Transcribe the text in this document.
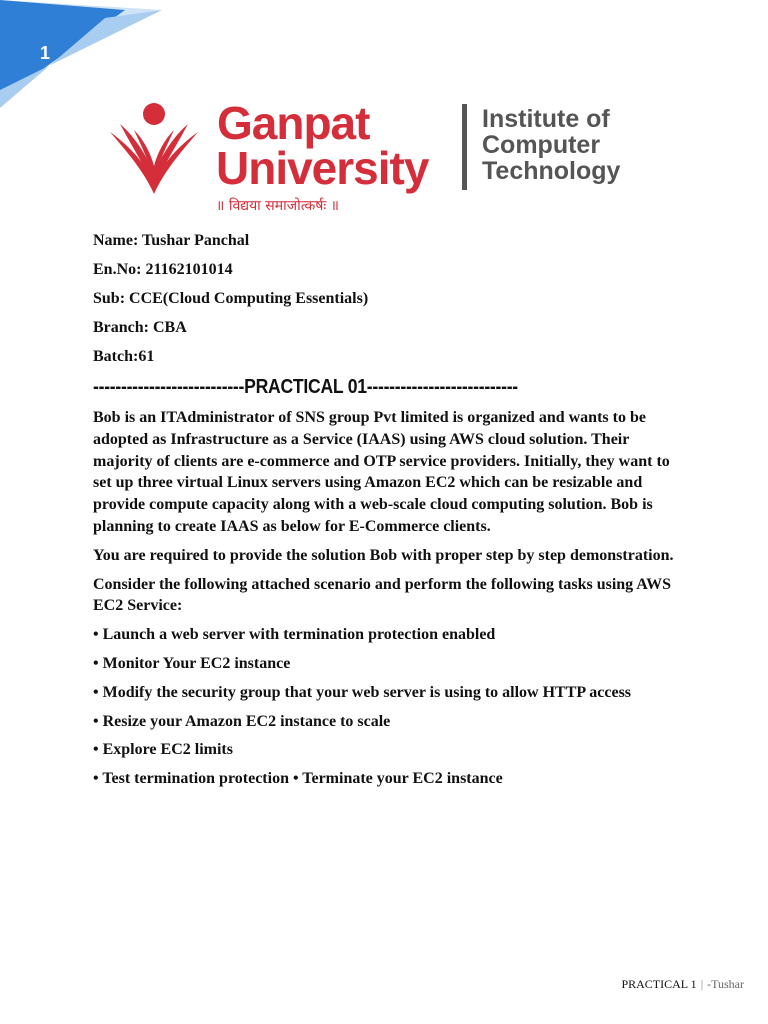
1
Ganpat
University
॥ विद्यया समाजोत्कर्षः ॥
Institute of
Computer
Technology
Name: Tushar Panchal
En.No: 21162101014
Sub: CCE(Cloud Computing Essentials)
Branch: CBA
Batch:61
---------------------------PRACTICAL 01---------------------------

Bob is an ITAdministrator of SNS group Pvt limited is organized and wants to be adopted as Infrastructure as a Service (IAAS) using AWS cloud solution. Their majority of clients are e-commerce and OTP service providers. Initially, they want to set up three virtual Linux servers using Amazon EC2 which can be resizable and provide compute capacity along with a web-scale cloud computing solution. Bob is planning to create IAAS as below for E-Commerce clients.

You are required to provide the solution Bob with proper step by step demonstration.

Consider the following attached scenario and perform the following tasks using AWS EC2 Service:

• Launch a web server with termination protection enabled

• Monitor Your EC2 instance

• Modify the security group that your web server is using to allow HTTP access

• Resize your Amazon EC2 instance to scale

• Explore EC2 limits

• Test termination protection • Terminate your EC2 instance

PRACTICAL 1 | -Tushar
